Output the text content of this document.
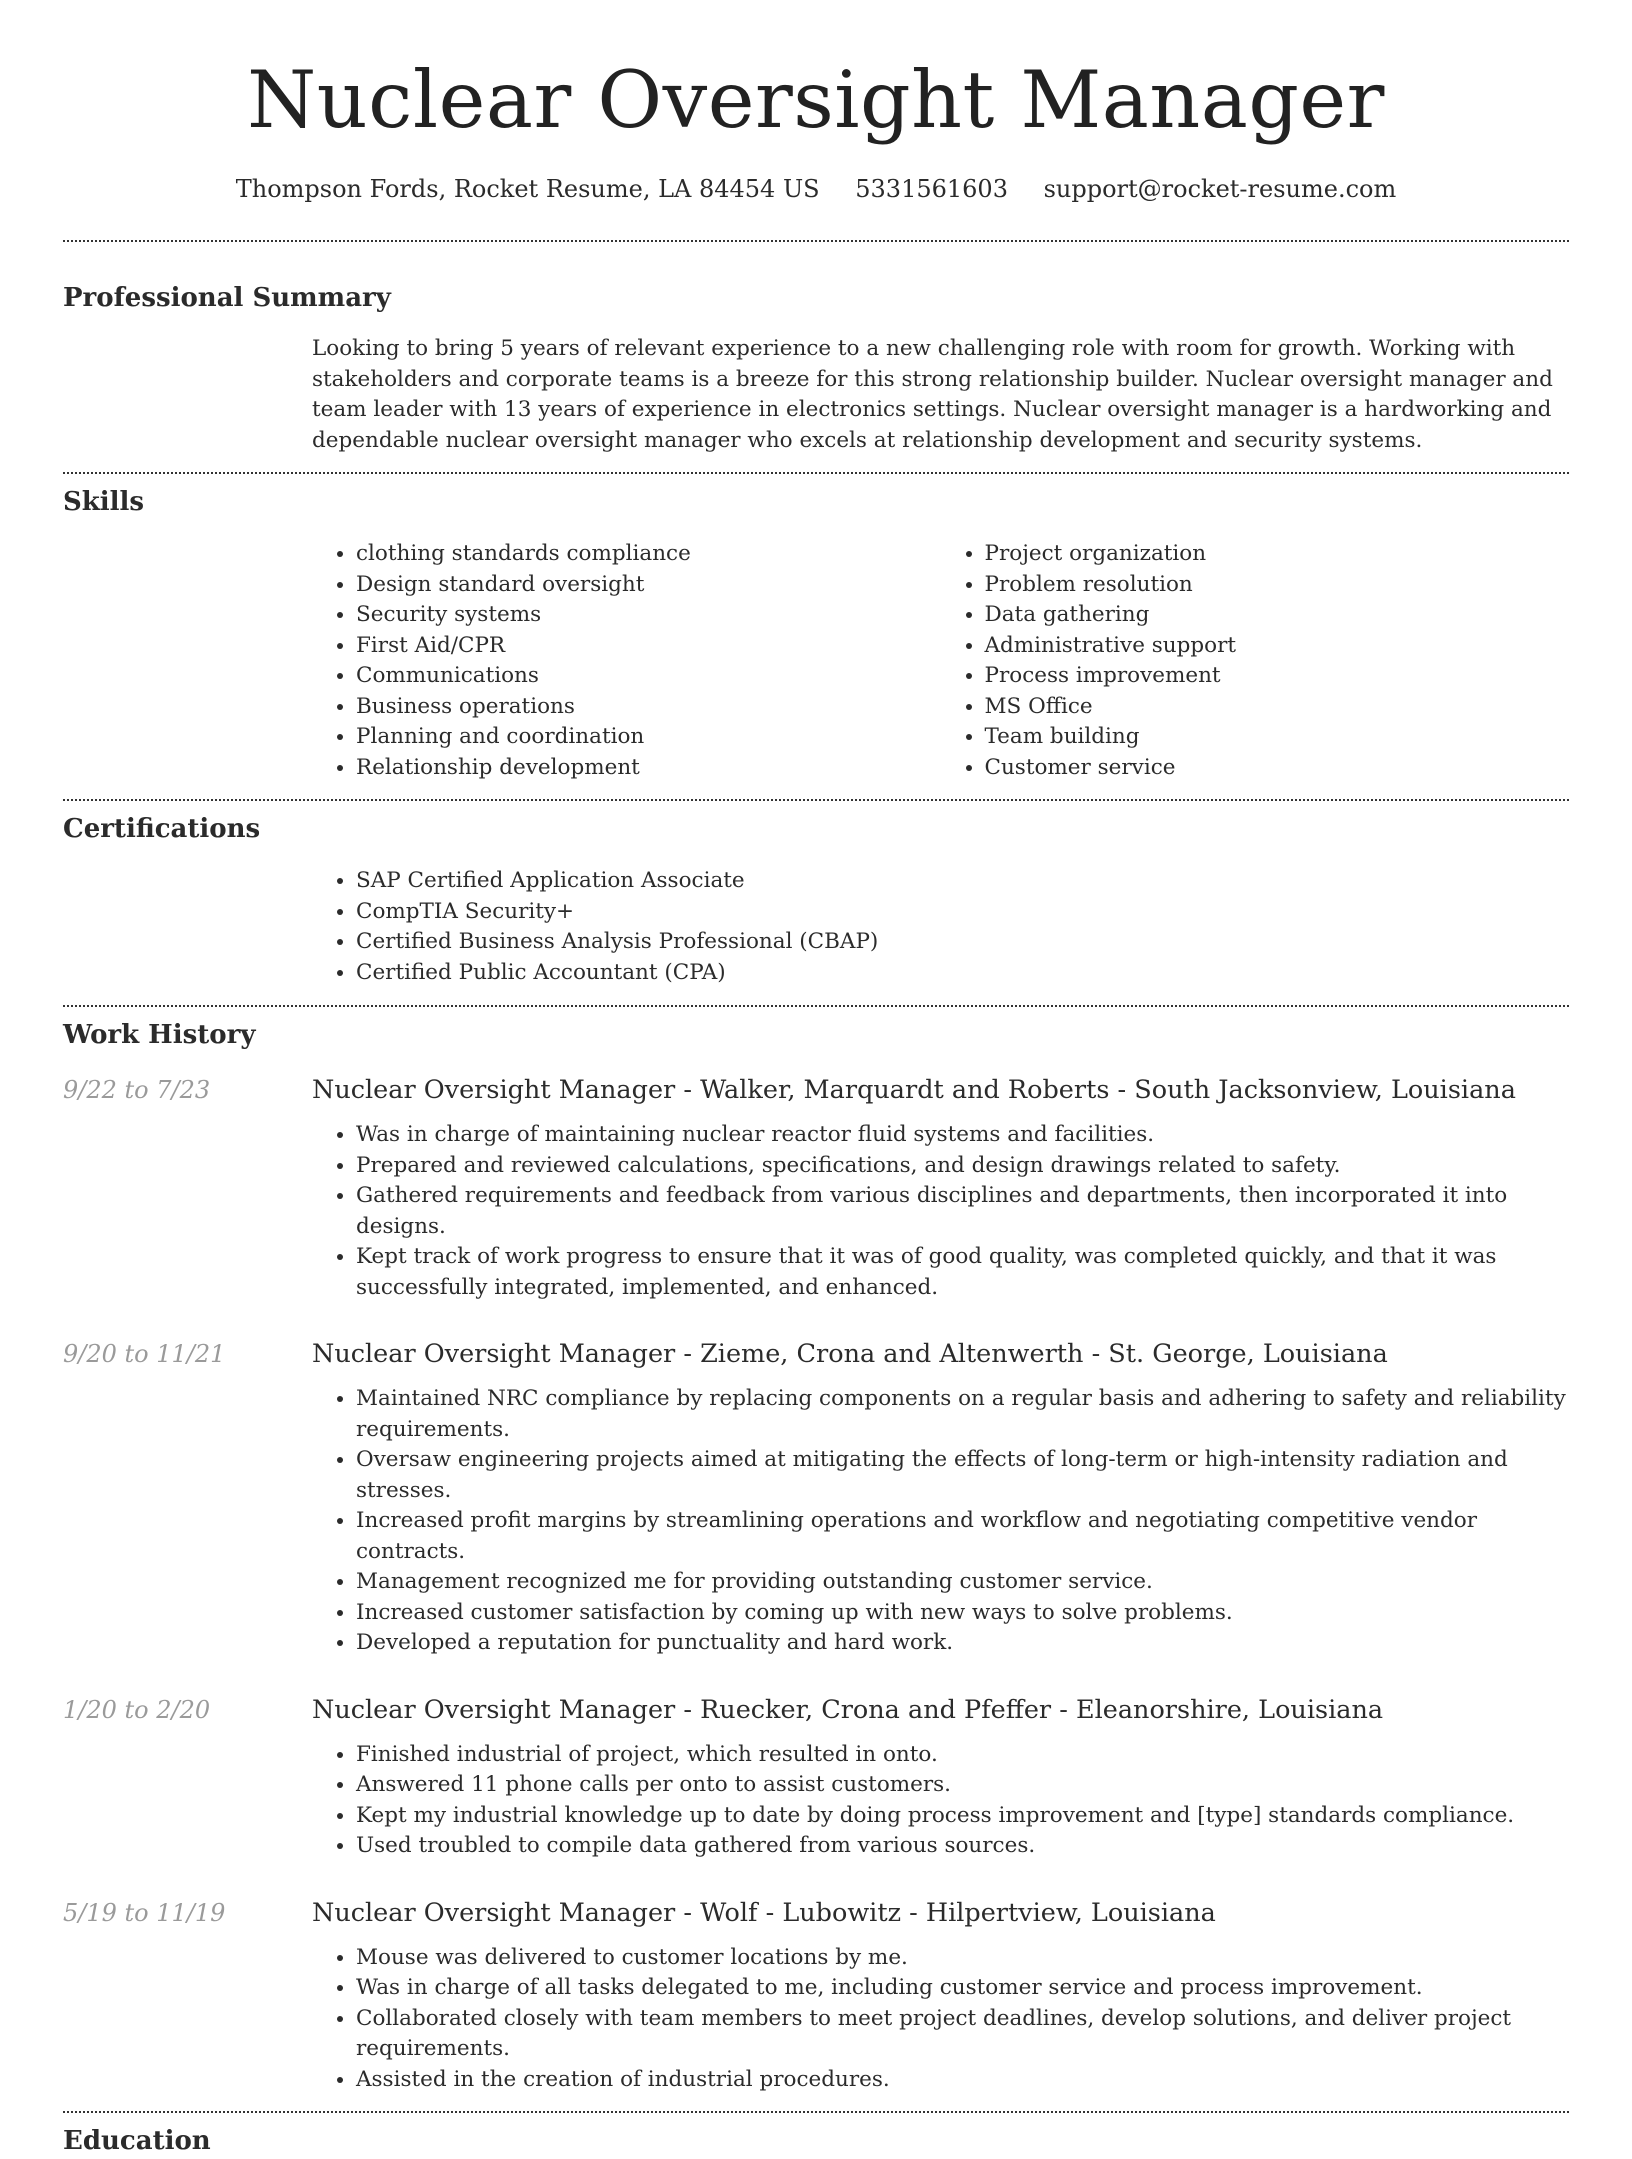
Nuclear Oversight Manager
Thompson Fords, Rocket Resume, LA 84454 US 5331561603 support@rocket-resume.com
Professional Summary
Looking to bring 5 years of relevant experience to a new challenging role with room for growth. Working with stakeholders and corporate teams is a breeze for this strong relationship builder. Nuclear oversight manager and team leader with 13 years of experience in electronics settings. Nuclear oversight manager is a hardworking and dependable nuclear oversight manager who excels at relationship development and security systems.
Skills
• clothing standards compliance
• Design standard oversight
• Security systems
• First Aid/CPR
• Communications
• Business operations
• Planning and coordination
• Relationship development
• Project organization
• Problem resolution
• Data gathering
• Administrative support
• Process improvement
• MS Office
• Team building
• Customer service
Certifications
• SAP Certified Application Associate
• CompTIA Security+
• Certified Business Analysis Professional (CBAP)
• Certified Public Accountant (CPA)
Work History
9/22 to 7/23	Nuclear Oversight Manager - Walker, Marquardt and Roberts - South Jacksonview, Louisiana
• Was in charge of maintaining nuclear reactor fluid systems and facilities.
• Prepared and reviewed calculations, specifications, and design drawings related to safety.
• Gathered requirements and feedback from various disciplines and departments, then incorporated it into designs.
• Kept track of work progress to ensure that it was of good quality, was completed quickly, and that it was successfully integrated, implemented, and enhanced.
9/20 to 11/21	Nuclear Oversight Manager - Zieme, Crona and Altenwerth - St. George, Louisiana
• Maintained NRC compliance by replacing components on a regular basis and adhering to safety and reliability requirements.
• Oversaw engineering projects aimed at mitigating the effects of long-term or high-intensity radiation and stresses.
• Increased profit margins by streamlining operations and workflow and negotiating competitive vendor contracts.
• Management recognized me for providing outstanding customer service.
• Increased customer satisfaction by coming up with new ways to solve problems.
• Developed a reputation for punctuality and hard work.
1/20 to 2/20	Nuclear Oversight Manager - Ruecker, Crona and Pfeffer - Eleanorshire, Louisiana
• Finished industrial of project, which resulted in onto.
• Answered 11 phone calls per onto to assist customers.
• Kept my industrial knowledge up to date by doing process improvement and [type] standards compliance.
• Used troubled to compile data gathered from various sources.
5/19 to 11/19	Nuclear Oversight Manager - Wolf - Lubowitz - Hilpertview, Louisiana
• Mouse was delivered to customer locations by me.
• Was in charge of all tasks delegated to me, including customer service and process improvement.
• Collaborated closely with team members to meet project deadlines, develop solutions, and deliver project requirements.
• Assisted in the creation of industrial procedures.
Education
